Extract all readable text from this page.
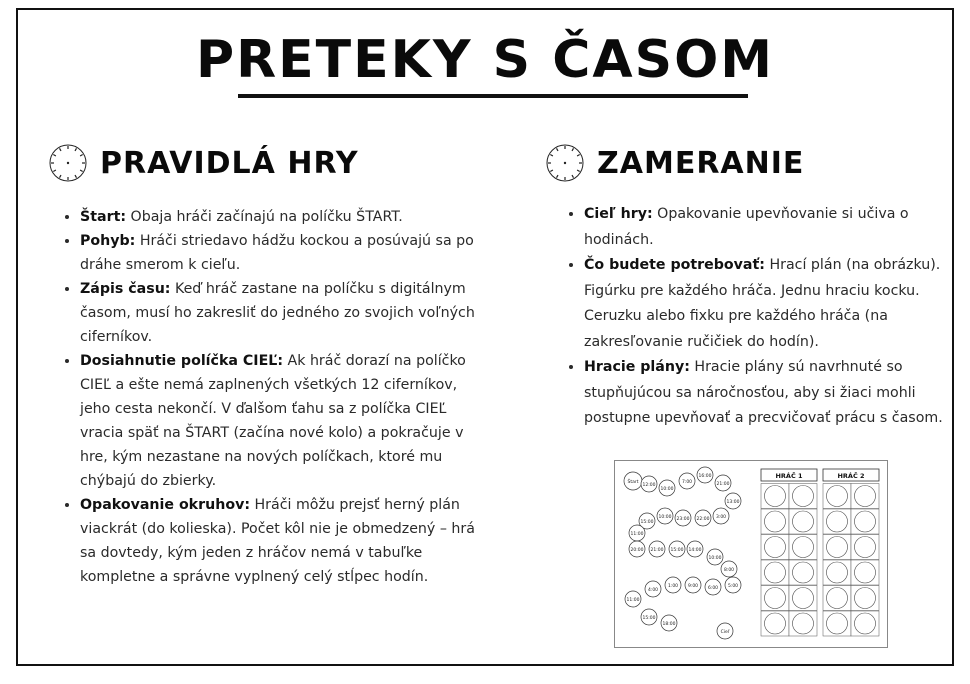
PRETEKY S ČASOM
PRAVIDLÁ HRY	ZAMERANIE
• Štart: Obaja hráči začínajú na políčku ŠTART.
• Pohyb: Hráči striedavo hádžu kockou a posúvajú sa po dráhe smerom k cieľu.
• Zápis času: Keď hráč zastane na políčku s digitálnym časom, musí ho zakresliť do jedného zo svojich voľných ciferníkov.
• Dosiahnutie políčka CIEĽ: Ak hráč dorazí na políčko CIEĽ a ešte nemá zaplnených všetkých 12 ciferníkov, jeho cesta nekončí. V ďalšom ťahu sa z políčka CIEĽ vracia späť na ŠTART (začína nové kolo) a pokračuje v hre, kým nezastane na nových políčkach, ktoré mu chýbajú do zbierky.
• Opakovanie okruhov: Hráči môžu prejsť herný plán viackrát (do kolieska). Počet kôl nie je obmedzený – hrá sa dovtedy, kým jeden z hráčov nemá v tabuľke kompletne a správne vyplnený celý stĺpec hodín.
• Cieľ hry: Opakovanie upevňovanie si učiva o hodinách.
• Čo budete potrebovať: Hrací plán (na obrázku). Figúrku pre každého hráča. Jednu hraciu kocku. Ceruzku alebo fixku pre každého hráča (na zakresľovanie ručičiek do hodín).
• Hracie plány: Hracie plány sú navrhnuté so stupňujúcou sa náročnosťou, aby si žiaci mohli postupne upevňovať a precvičovať prácu s časom.
HRÁČ 1	HRÁČ 2
Štart
12:00
10:00
7:00
16:00
21:00
13:00
3:00
22:00
23:00
10:00
15:00
11:00
20:00 21:00 15:00 14:00
10:00
8:00
5:00
6:00
9:00
1:00
4:00
11:00
15:00
18:00
Cieľ
